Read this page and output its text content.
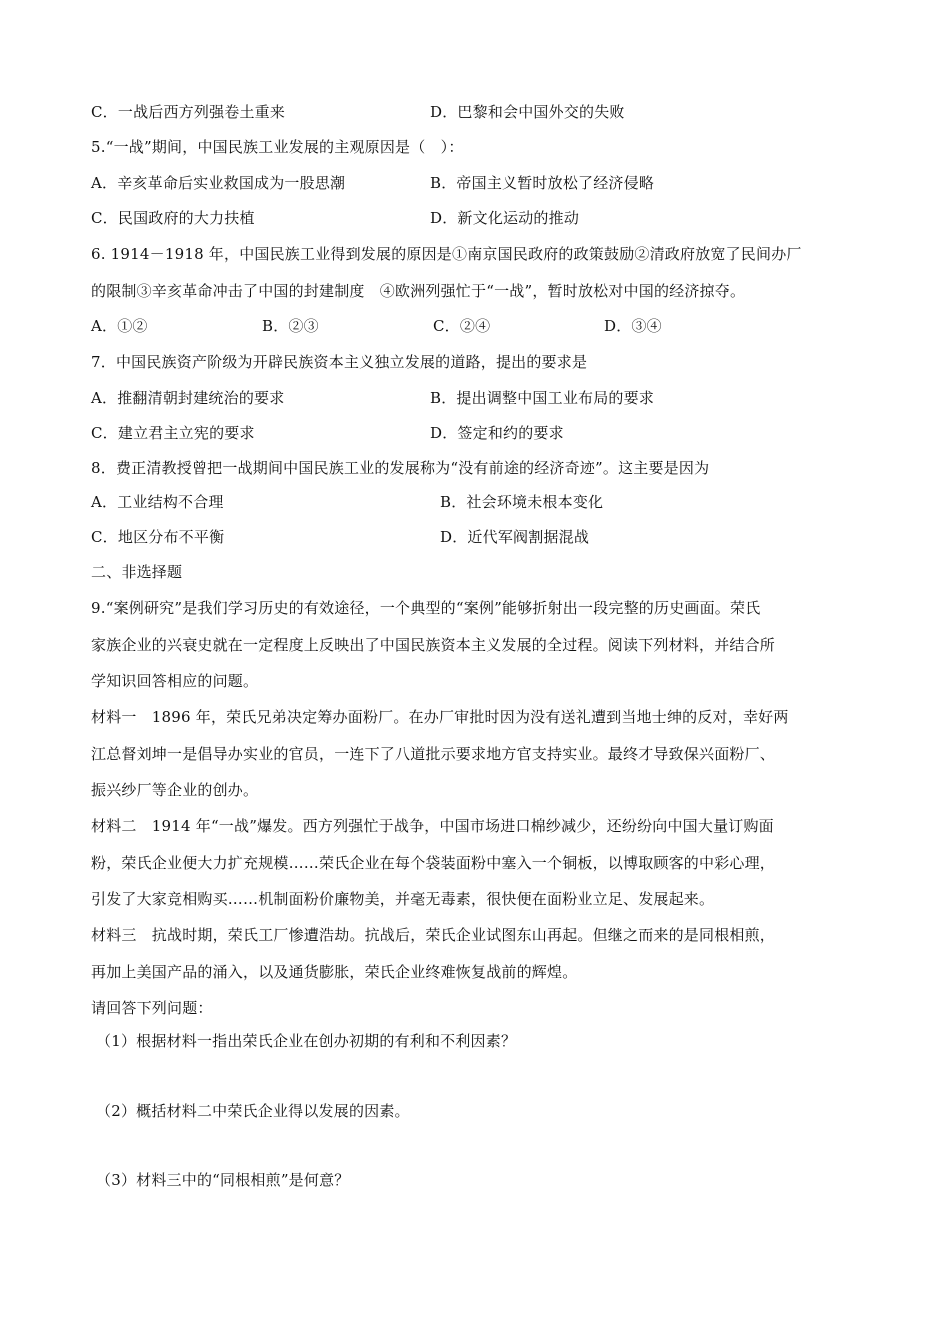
C．一战后西方列强卷土重来	D．巴黎和会中国外交的失败
5.“一战”期间，中国民族工业发展的主观原因是（　）：
A．辛亥革命后实业救国成为一股思潮	B．帝国主义暂时放松了经济侵略
C．民国政府的大力扶植	D．新文化运动的推动
6. 1914－1918 年，中国民族工业得到发展的原因是①南京国民政府的政策鼓励②清政府放宽了民间办厂
的限制③辛亥革命冲击了中国的封建制度　④欧洲列强忙于“一战”，暂时放松对中国的经济掠夺。
A．①②	B．②③	C．②④	D．③④
7．中国民族资产阶级为开辟民族资本主义独立发展的道路，提出的要求是
A．推翻清朝封建统治的要求	B．提出调整中国工业布局的要求
C．建立君主立宪的要求	D．签定和约的要求
8．费正清教授曾把一战期间中国民族工业的发展称为“没有前途的经济奇迹”。这主要是因为
A．工业结构不合理	B．社会环境未根本变化
C．地区分布不平衡	D．近代军阀割据混战
二、非选择题
9.“案例研究”是我们学习历史的有效途径，一个典型的“案例”能够折射出一段完整的历史画面。荣氏
家族企业的兴衰史就在一定程度上反映出了中国民族资本主义发展的全过程。阅读下列材料，并结合所
学知识回答相应的问题。
材料一　1896 年，荣氏兄弟决定筹办面粉厂。在办厂审批时因为没有送礼遭到当地士绅的反对，幸好两
江总督刘坤一是倡导办实业的官员，一连下了八道批示要求地方官支持实业。最终才导致保兴面粉厂、
振兴纱厂等企业的创办。
材料二　1914 年“一战”爆发。西方列强忙于战争，中国市场进口棉纱减少，还纷纷向中国大量订购面
粉，荣氏企业便大力扩充规模……荣氏企业在每个袋装面粉中塞入一个铜板，以博取顾客的中彩心理，
引发了大家竞相购买……机制面粉价廉物美，并毫无毒素，很快便在面粉业立足、发展起来。
材料三　抗战时期，荣氏工厂惨遭浩劫。抗战后，荣氏企业试图东山再起。但继之而来的是同根相煎，
再加上美国产品的涌入，以及通货膨胀，荣氏企业终难恢复战前的辉煌。
请回答下列问题：
（1）根据材料一指出荣氏企业在创办初期的有利和不利因素？
（2）概括材料二中荣氏企业得以发展的因素。
（3）材料三中的“同根相煎”是何意？
